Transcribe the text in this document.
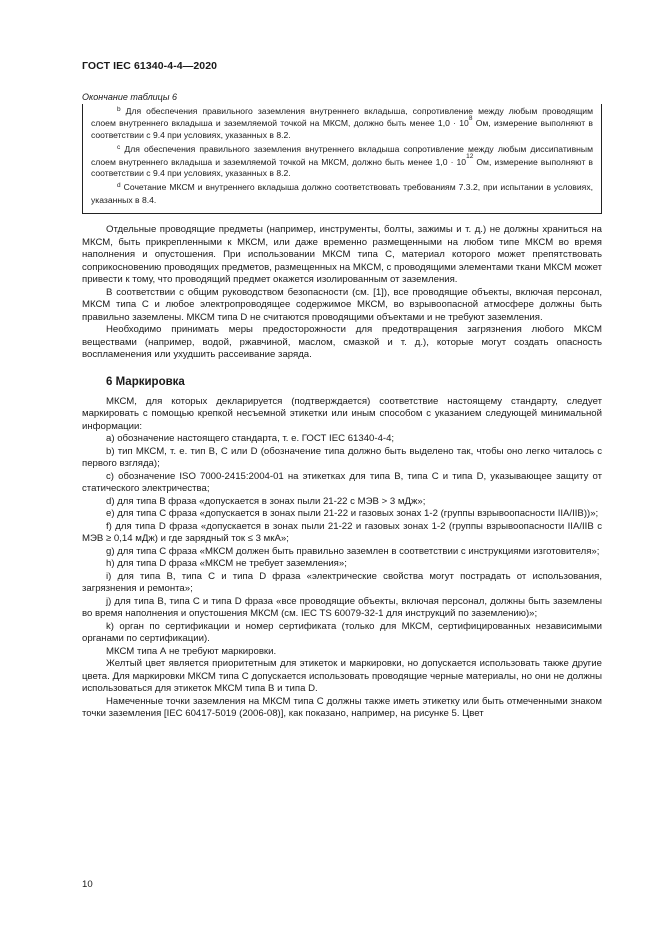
ГОСТ IEC 61340-4-4—2020
Окончание таблицы 6

$^b$ Для обеспечения правильного заземления внутреннего вкладыша, сопротивление между любым проводящим слоем внутреннего вкладыша и заземляемой точкой на МКСМ, должно быть менее $1,0 \cdot 10^8$ Ом, измерение выполняют в соответствии с 9.4 при условиях, указанных в 8.2.

$^c$ Для обеспечения правильного заземления внутреннего вкладыша сопротивление между любым диссипативным слоем внутреннего вкладыша и заземляемой точкой на МКСМ, должно быть менее $1,0 \cdot 10^{12}$ Ом, измерение выполняют в соответствии с 9.4 при условиях, указанных в 8.2.

$^d$ Сочетание МКСМ и внутреннего вкладыша должно соответствовать требованиям 7.3.2, при испытании в условиях, указанных в 8.4.

Отдельные проводящие предметы (например, инструменты, болты, зажимы и т. д.) не должны храниться на МКСМ, быть прикрепленными к МКСМ, или даже временно размещенными на любом типе МКСМ во время наполнения и опустошения. При использовании МКСМ типа С, материал которого может препятствовать соприкосновению проводящих предметов, размещенных на МКСМ, с проводящими элементами ткани МКСМ может привести к тому, что проводящий предмет окажется изолированным от заземления.

В соответствии с общим руководством безопасности (см. [1]), все проводящие объекты, включая персонал, МКСМ типа С и любое электропроводящее содержимое МКСМ, во взрывоопасной атмосфере должны быть правильно заземлены. МКСМ типа D не считаются проводящими объектами и не требуют заземления.

Необходимо принимать меры предосторожности для предотвращения загрязнения любого МКСМ веществами (например, водой, ржавчиной, маслом, смазкой и т. д.), которые могут создать опасность воспламенения или ухудшить рассеивание заряда.

6 Маркировка

МКСМ, для которых декларируется (подтверждается) соответствие настоящему стандарту, следует маркировать с помощью крепкой несъемной этикетки или иным способом с указанием следующей минимальной информации:

а) обозначение настоящего стандарта, т. е. ГОСТ IEC 61340-4-4;

b) тип МКСМ, т. е. тип В, С или D (обозначение типа должно быть выделено так, чтобы оно легко читалось с первого взгляда);

с) обозначение ISO 7000-2415:2004-01 на этикетках для типа В, типа С и типа D, указывающее защиту от статического электричества;

d) для типа В фраза «допускается в зонах пыли 21-22 с МЭВ > 3 мДж»;

е) для типа С фраза «допускается в зонах пыли 21-22 и газовых зонах 1-2 (группы взрывоопасности IIA/IIB))»;

f) для типа D фраза «допускается в зонах пыли 21-22 и газовых зонах 1-2 (группы взрывоопасности IIA/IIB с МЭВ ≥ 0,14 мДж) и где зарядный ток ≤ 3 мкА»;

g) для типа С фраза «МКСМ должен быть правильно заземлен в соответствии с инструкциями изготовителя»;

h) для типа D фраза «МКСМ не требует заземления»;

i) для типа В, типа С и типа D фраза «электрические свойства могут пострадать от использования, загрязнения и ремонта»;

j) для типа В, типа С и типа D фраза «все проводящие объекты, включая персонал, должны быть заземлены во время наполнения и опустошения МКСМ (см. IEC TS 60079-32-1 для инструкций по заземлению)»;

k) орган по сертификации и номер сертификата (только для МКСМ, сертифицированных независимыми органами по сертификации).

МКСМ типа А не требуют маркировки.

Желтый цвет является приоритетным для этикеток и маркировки, но допускается использовать также другие цвета. Для маркировки МКСМ типа С допускается использовать проводящие черные материалы, но они не должны использоваться для этикеток МКСМ типа В и типа D.

Намеченные точки заземления на МКСМ типа С должны также иметь этикетку или быть отмеченными знаком точки заземления [IEC 60417-5019 (2006-08)], как показано, например, на рисунке 5. Цвет

10
